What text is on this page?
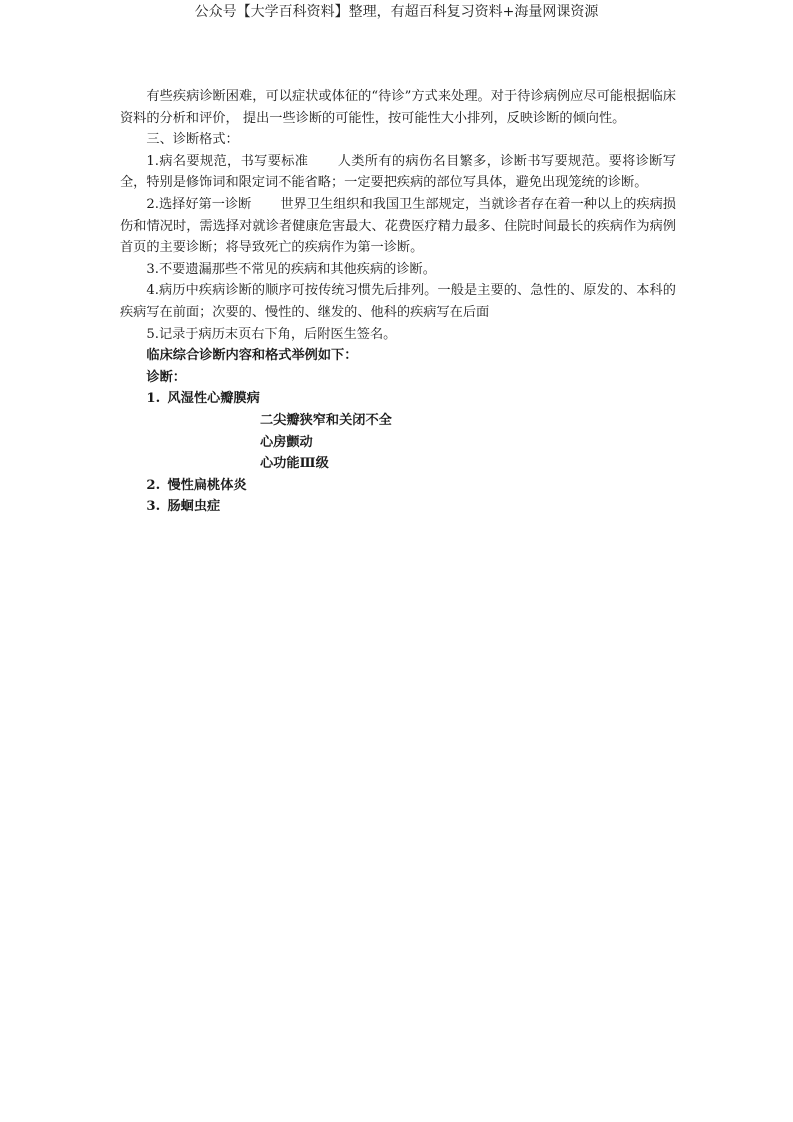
公众号【大学百科资料】整理，有超百科复习资料+海量网课资源

有些疾病诊断困难，可以症状或体征的“待诊”方式来处理。对于待诊病例应尽可能根据临床资料的分析和评价， 提出一些诊断的可能性，按可能性大小排列，反映诊断的倾向性。

三、诊断格式：

1.病名要规范，书写要标准 人类所有的病伤名目繁多，诊断书写要规范。要将诊断写全，特别是修饰词和限定词不能省略；一定要把疾病的部位写具体，避免出现笼统的诊断。

2.选择好第一诊断 世界卫生组织和我国卫生部规定，当就诊者存在着一种以上的疾病损伤和情况时，需选择对就诊者健康危害最大、花费医疗精力最多、住院时间最长的疾病作为病例首页的主要诊断；将导致死亡的疾病作为第一诊断。

3.不要遗漏那些不常见的疾病和其他疾病的诊断。

4.病历中疾病诊断的顺序可按传统习惯先后排列。一般是主要的、急性的、原发的、本科的疾病写在前面；次要的、慢性的、继发的、他科的疾病写在后面

5.记录于病历末页右下角，后附医生签名。

临床综合诊断内容和格式举例如下：

诊断：

1. 风湿性心瓣膜病

二尖瓣狭窄和关闭不全

心房颤动

心功能Ⅲ级

2. 慢性扁桃体炎

3. 肠蛔虫症
